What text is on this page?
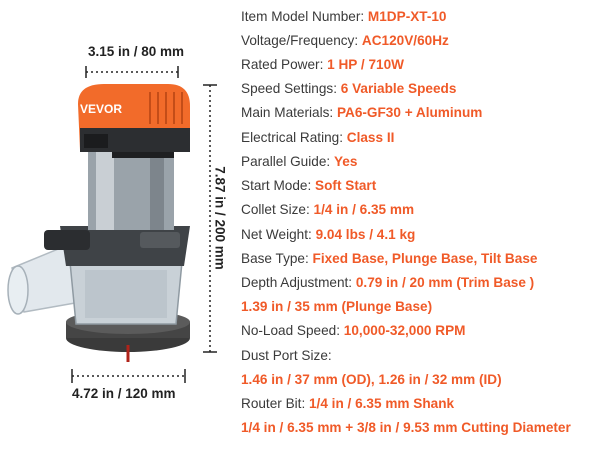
3.15 in / 80 mm
7.87 in / 200 mm
4.72 in / 120 mm
VEVOR
Item Model Number: M1DP-XT-10
Voltage/Frequency: AC120V/60Hz
Rated Power: 1 HP / 710W
Speed Settings: 6 Variable Speeds
Main Materials: PA6-GF30 + Aluminum
Electrical Rating: Class II
Parallel Guide: Yes
Start Mode: Soft Start
Collet Size: 1/4 in / 6.35 mm
Net Weight: 9.04 lbs / 4.1 kg
Base Type: Fixed Base, Plunge Base, Tilt Base
Depth Adjustment: 0.79 in / 20 mm (Trim Base )
1.39 in / 35 mm (Plunge Base)
No-Load Speed: 10,000-32,000 RPM
Dust Port Size:
1.46 in / 37 mm (OD), 1.26 in / 32 mm (ID)
Router Bit: 1/4 in / 6.35 mm Shank
1/4 in / 6.35 mm + 3/8 in / 9.53 mm Cutting Diameter
